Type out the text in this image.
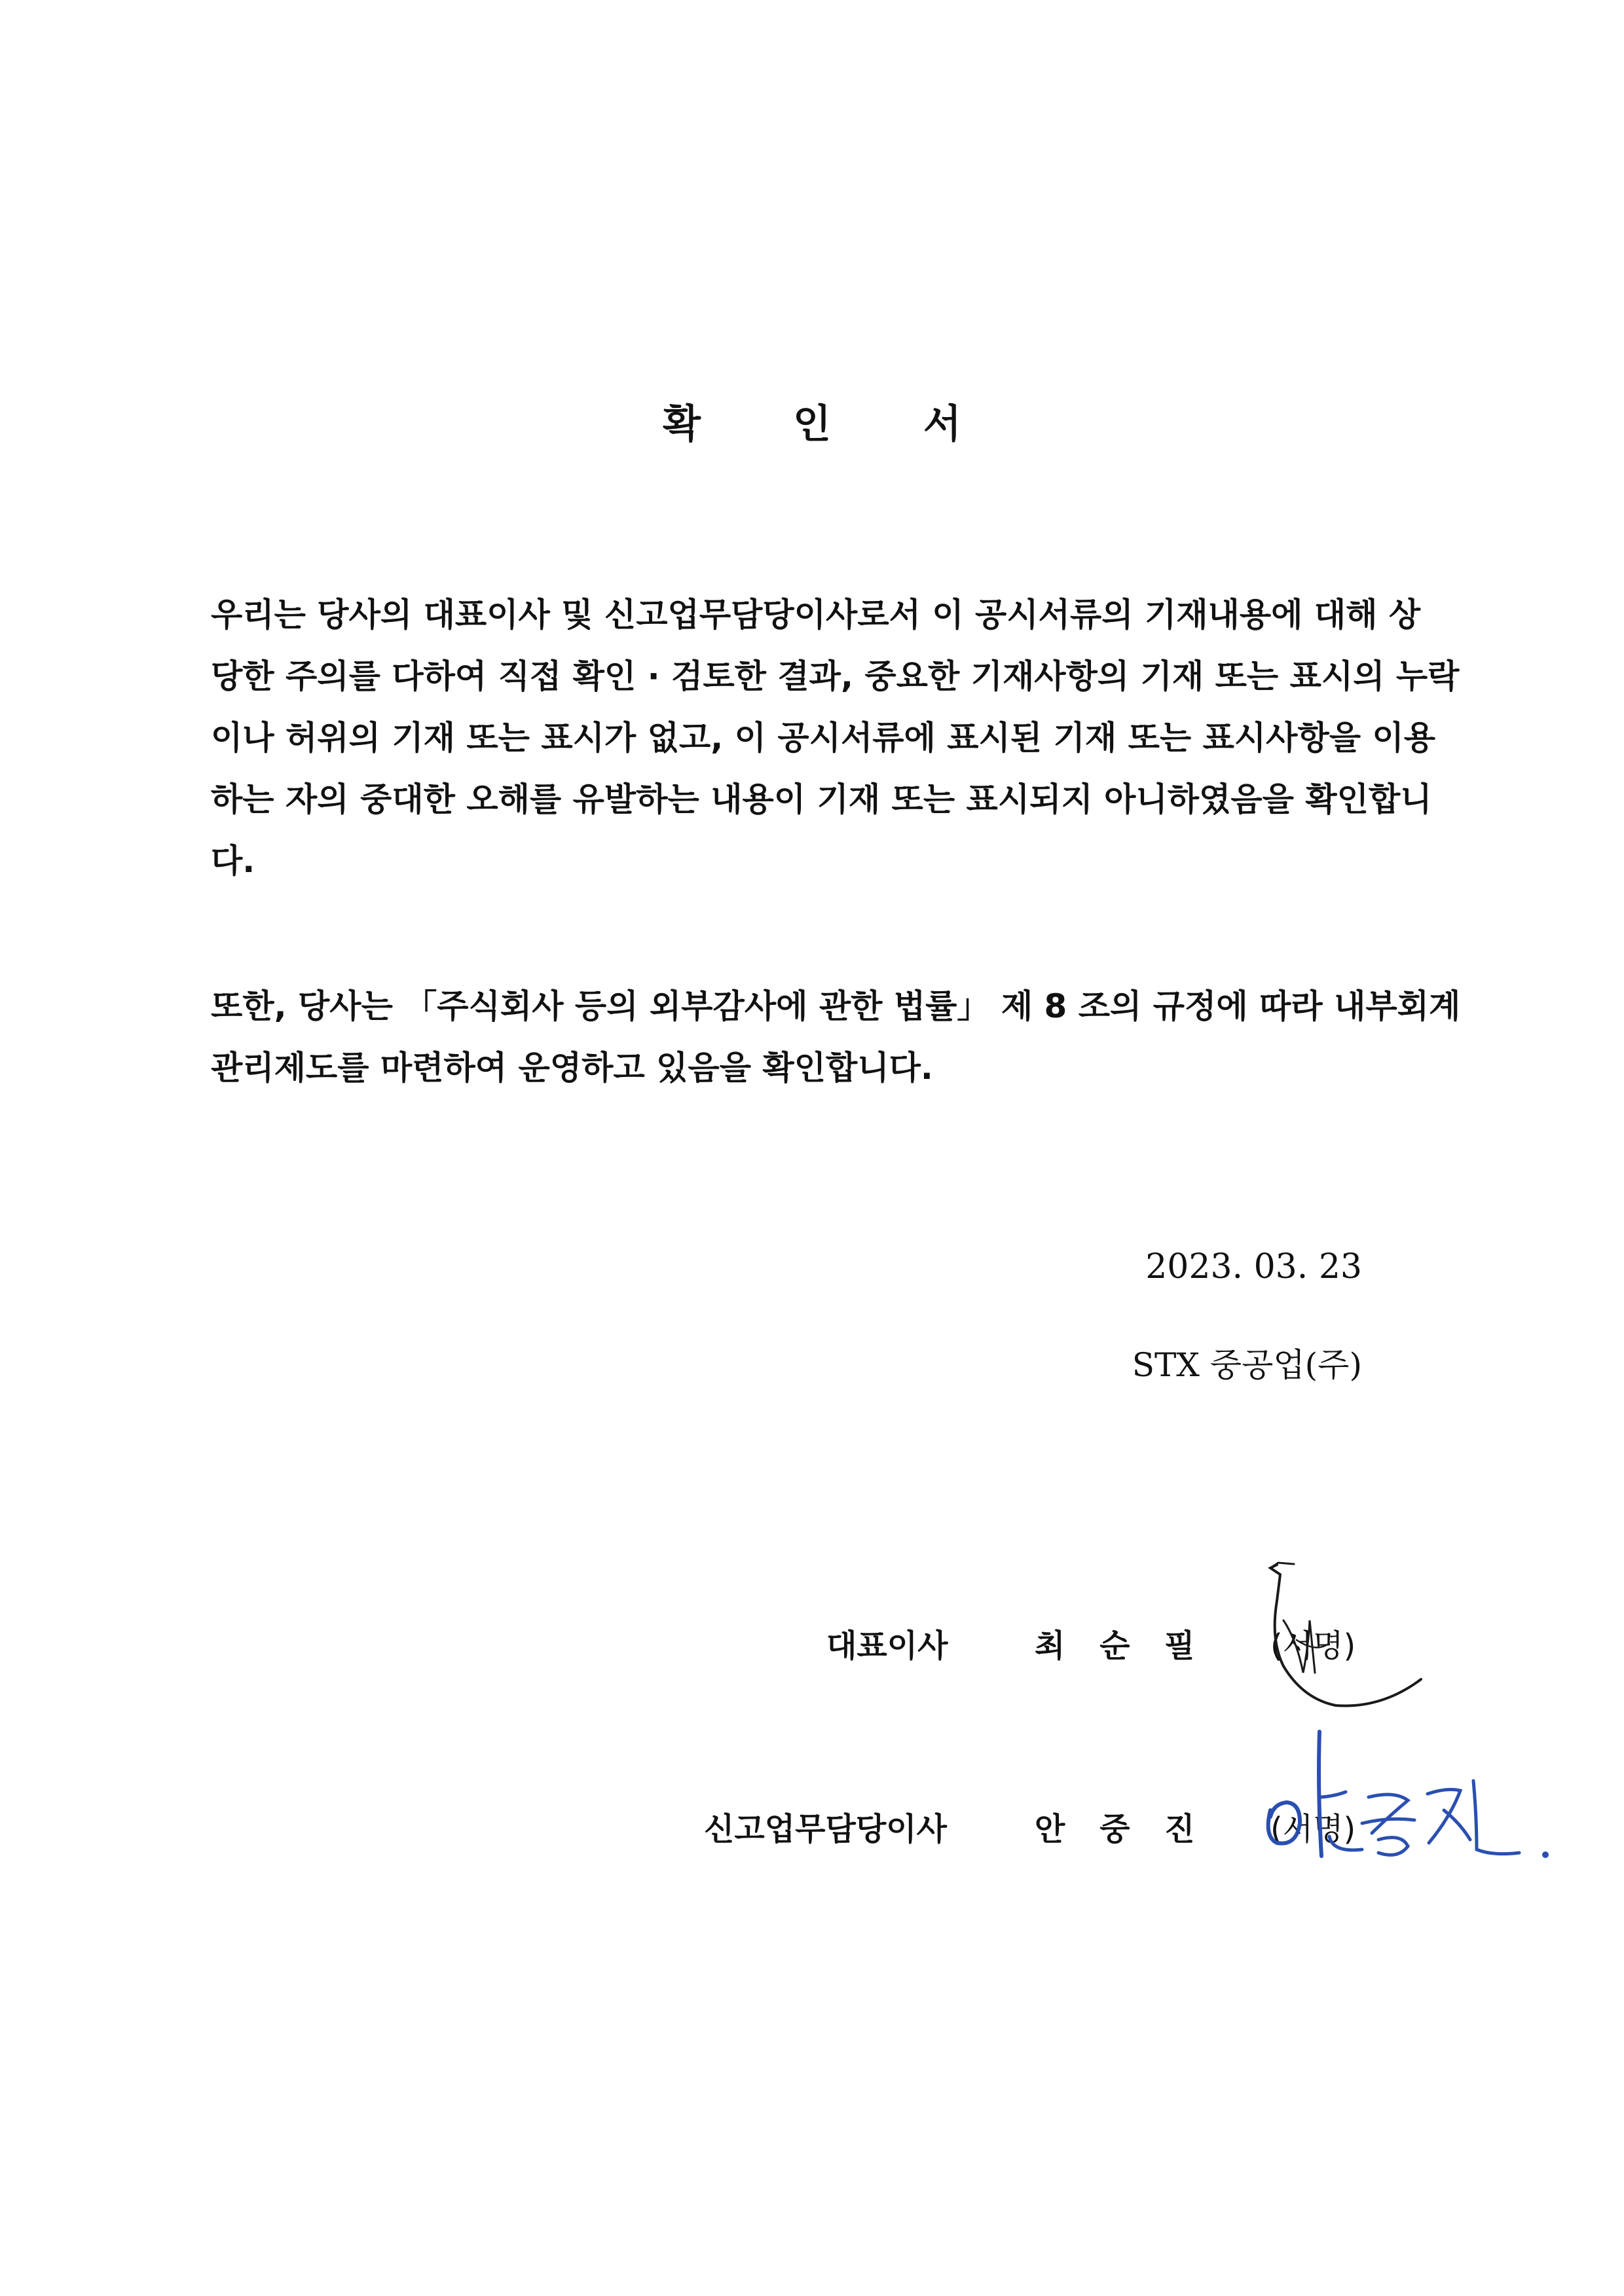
확 인 서

우리는 당사의 대표이사 및 신고업무담당이사로서 이 공시서류의 기재내용에 대해 상
당한 주의를 다하여 직접 확인 · 검토한 결과, 중요한 기재사항의 기재 또는 표시의 누락
이나 허위의 기재 또는 표시가 없고, 이 공시서류에 표시된 기재 또는 표시사항을 이용
하는 자의 중대한 오해를 유발하는 내용이 기재 또는 표시되지 아니하였음을 확인합니
다.

또한, 당사는 「주식회사 등의 외부감사에 관한 법률」 제 8 조의 규정에 따라 내부회계
관리제도를 마련하여 운영하고 있음을 확인합니다.

2023. 03. 23
STX 중공업(주)
대표이사	최 순 필 (서명)
신고업무담당이사	안 중 진 (서명)
